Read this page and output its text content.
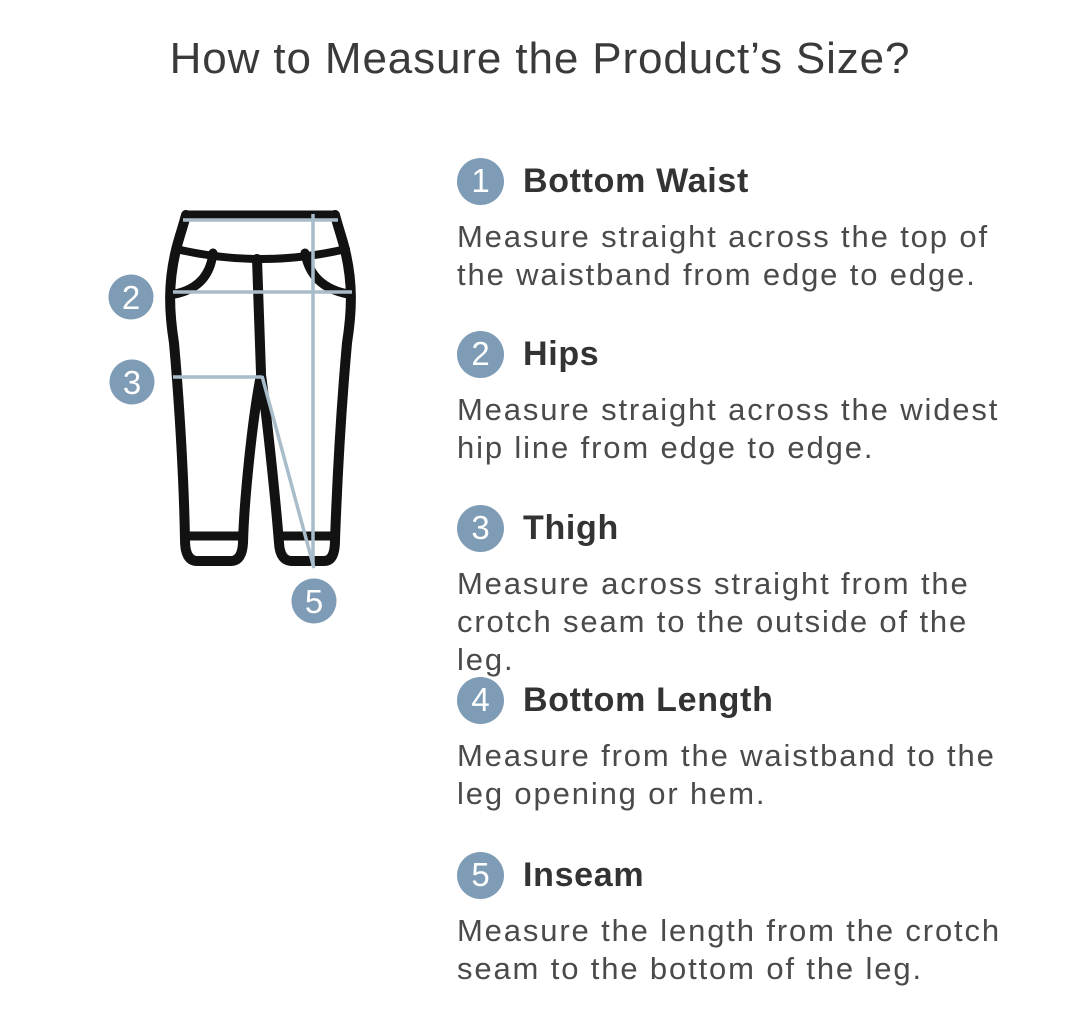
How to Measure the Product’s Size?
2
3
5
1 Bottom Waist

Measure straight across the top of the waistband from edge to edge.

2 Hips

Measure straight across the widest hip line from edge to edge.

3 Thigh

Measure across straight from the crotch seam to the outside of the leg.

4 Bottom Length

Measure from the waistband to the leg opening or hem.

5 Inseam

Measure the length from the crotch seam to the bottom of the leg.
